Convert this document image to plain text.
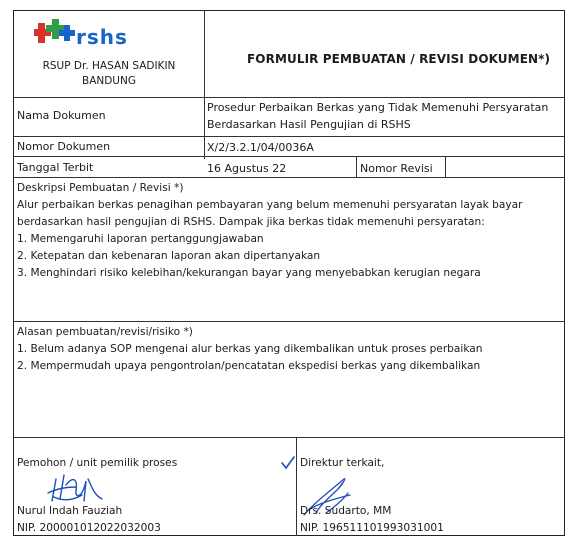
rshs
RSUP Dr. HASAN SADIKIN
BANDUNG
FORMULIR PEMBUATAN / REVISI DOKUMEN*)
Nama Dokumen
Prosedur Perbaikan Berkas yang Tidak Memenuhi Persyaratan
Berdasarkan Hasil Pengujian di RSHS
Nomor Dokumen	X/2/3.2.1/04/0036A
Tanggal Terbit	16 Agustus 22	Nomor Revisi
Deskripsi Pembuatan / Revisi *)
Alur perbaikan berkas penagihan pembayaran yang belum memenuhi persyaratan layak bayar
berdasarkan hasil pengujian di RSHS. Dampak jika berkas tidak memenuhi persyaratan:
1. Memengaruhi laporan pertanggungjawaban
2. Ketepatan dan kebenaran laporan akan dipertanyakan
3. Menghindari risiko kelebihan/kekurangan bayar yang menyebabkan kerugian negara
Alasan pembuatan/revisi/risiko *)
1. Belum adanya SOP mengenai alur berkas yang dikembalikan untuk proses perbaikan
2. Mempermudah upaya pengontrolan/pencatatan ekspedisi berkas yang dikembalikan
Pemohon / unit pemilik proses
Nurul Indah Fauziah
NIP. 200001012022032003
Direktur terkait,
Drs. Sudarto, MM
NIP. 196511101993031001
